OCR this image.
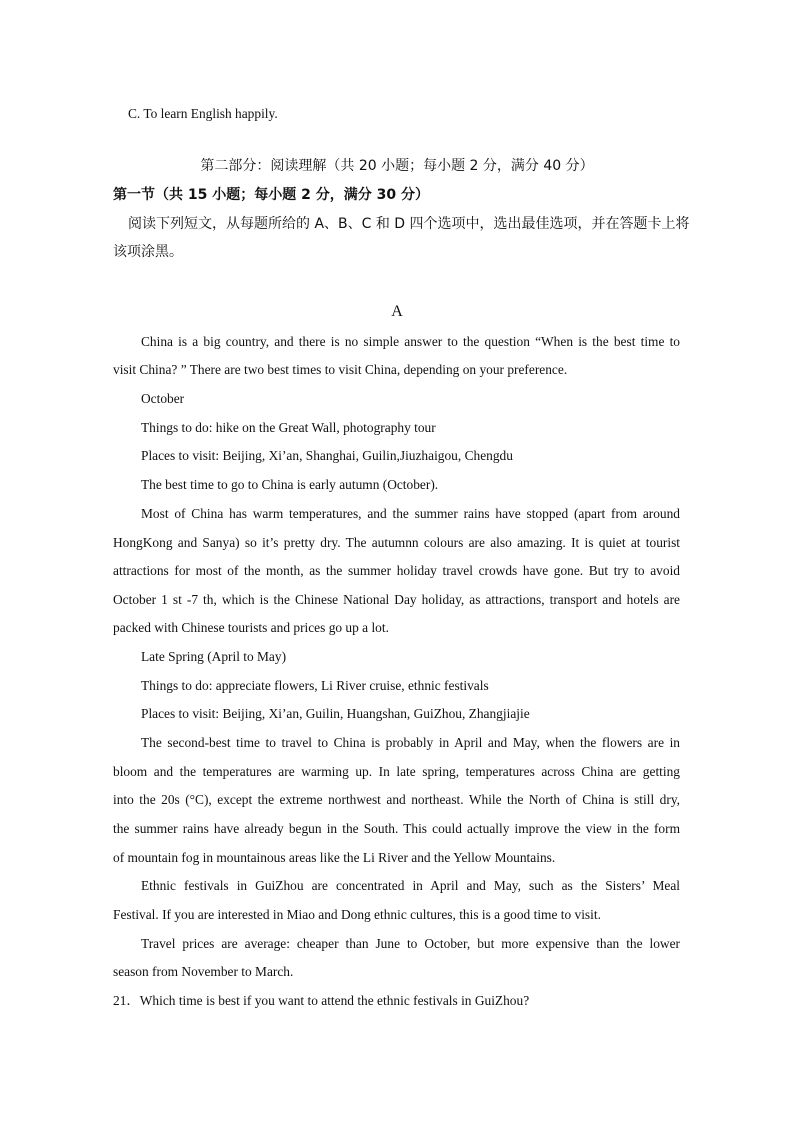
C. To learn English happily.
第二部分：阅读理解（共 20 小题；每小题 2 分，满分 40 分）
第一节（共 15 小题；每小题 2 分，满分 30 分）
阅读下列短文，从每题所给的 A、B、C 和 D 四个选项中，选出最佳选项，并在答题卡上将
该项涂黑。
A
China is a big country, and there is no simple answer to the question “When is the best time to
visit China? ” There are two best times to visit China, depending on your preference.
October
Things to do: hike on the Great Wall, photography tour
Places to visit: Beijing, Xi’an, Shanghai, Guilin,Jiuzhaigou, Chengdu
The best time to go to China is early autumn (October).
Most of China has warm temperatures, and the summer rains have stopped (apart from around
HongKong and Sanya) so it’s pretty dry. The autumnn colours are also amazing. It is quiet at tourist
attractions for most of the month, as the summer holiday travel crowds have gone. But try to avoid
October 1 st -7 th, which is the Chinese National Day holiday, as attractions, transport and hotels are
packed with Chinese tourists and prices go up a lot.
Late Spring (April to May)
Things to do: appreciate flowers, Li River cruise, ethnic festivals
Places to visit: Beijing, Xi’an, Guilin, Huangshan, GuiZhou, Zhangjiajie
The second-best time to travel to China is probably in April and May, when the flowers are in
bloom and the temperatures are warming up. In late spring, temperatures across China are getting
into the 20s (°C), except the extreme northwest and northeast. While the North of China is still dry,
the summer rains have already begun in the South. This could actually improve the view in the form
of mountain fog in mountainous areas like the Li River and the Yellow Mountains.
Ethnic festivals in GuiZhou are concentrated in April and May, such as the Sisters’ Meal
Festival. If you are interested in Miao and Dong ethnic cultures, this is a good time to visit.
Travel prices are average: cheaper than June to October, but more expensive than the lower
season from November to March.
21．Which time is best if you want to attend the ethnic festivals in GuiZhou?
